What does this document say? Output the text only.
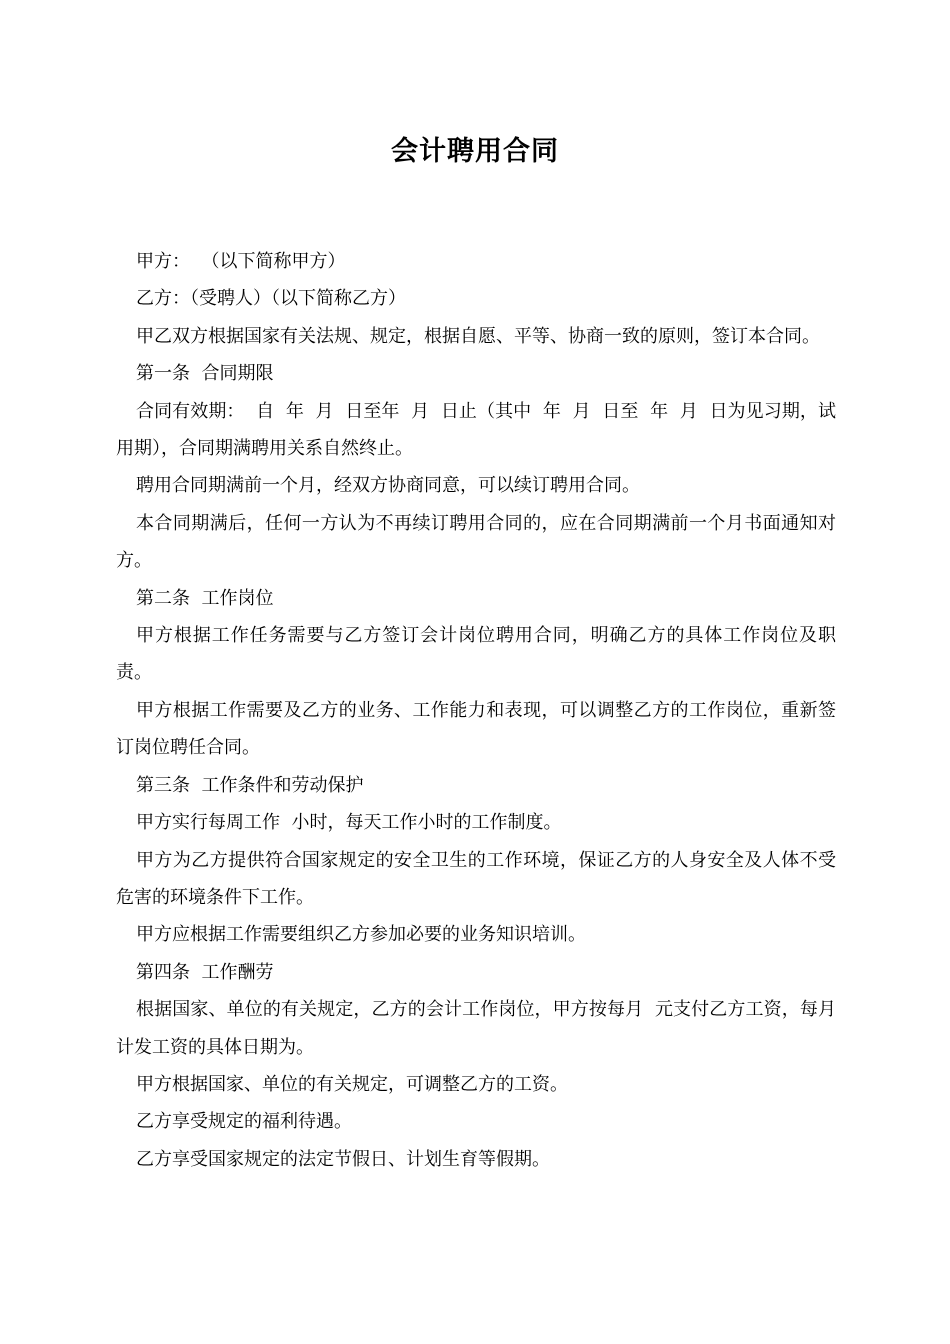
会计聘用合同

甲方：  （以下简称甲方）

乙方：（受聘人）（以下简称乙方）

甲乙双方根据国家有关法规、规定，根据自愿、平等、协商一致的原则，签订本合同。

第一条  合同期限

合同有效期：  自  年  月  日至年  月  日止（其中  年  月  日至  年  月  日为见习期，试用期），合同期满聘用关系自然终止。

聘用合同期满前一个月，经双方协商同意，可以续订聘用合同。

本合同期满后，任何一方认为不再续订聘用合同的，应在合同期满前一个月书面通知对方。

第二条  工作岗位

甲方根据工作任务需要与乙方签订会计岗位聘用合同，明确乙方的具体工作岗位及职责。

甲方根据工作需要及乙方的业务、工作能力和表现，可以调整乙方的工作岗位，重新签订岗位聘任合同。

第三条  工作条件和劳动保护

甲方实行每周工作  小时，每天工作小时的工作制度。

甲方为乙方提供符合国家规定的安全卫生的工作环境，保证乙方的人身安全及人体不受危害的环境条件下工作。

甲方应根据工作需要组织乙方参加必要的业务知识培训。

第四条  工作酬劳

根据国家、单位的有关规定，乙方的会计工作岗位，甲方按每月  元支付乙方工资，每月计发工资的具体日期为。

甲方根据国家、单位的有关规定，可调整乙方的工资。

乙方享受规定的福利待遇。

乙方享受国家规定的法定节假日、计划生育等假期。
